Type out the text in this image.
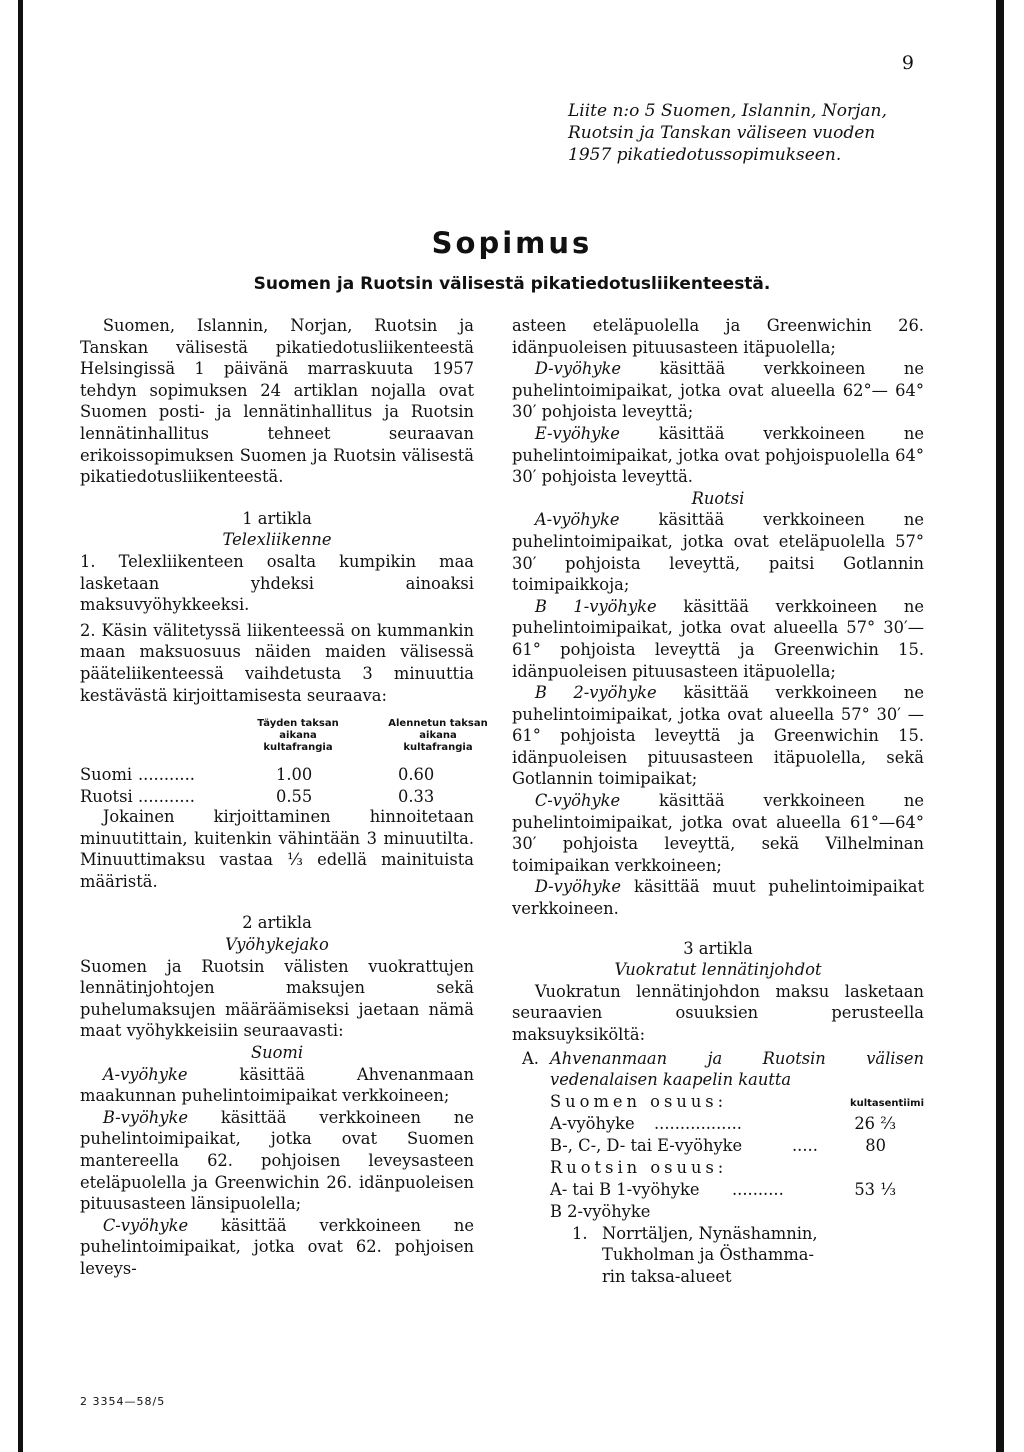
9
Liite n:o 5 Suomen, Islannin, Norjan,
Ruotsin ja Tanskan väliseen vuoden
1957 pikatiedotussopimukseen.
Sopimus
Suomen ja Ruotsin välisestä pikatiedotusliikenteestä.

Suomen, Islannin, Norjan, Ruotsin ja Tanskan välisestä pikatiedotusliikenteestä Helsingissä 1 päivänä marraskuuta 1957 tehdyn sopimuksen 24 artiklan nojalla ovat Suomen posti- ja lennätinhallitus ja Ruotsin lennätinhallitus tehneet seuraavan erikoissopimuksen Suomen ja Ruotsin välisestä pikatiedotusliikenteestä.

1 artikla

Telexliikenne

1. Telexliikenteen osalta kumpikin maa lasketaan yhdeksi ainoaksi maksuvyöhykkeeksi.

2. Käsin välitetyssä liikenteessä on kummankin maan maksuosuus näiden maiden välisessä pääteliikenteessä vaihdetusta 3 minuuttia kestävästä kirjoittamisesta seuraava:

Täyden taksan
aikana
kultafrangia
Alennetun taksan
aikana
kultafrangia
Suomi ...........	1.00	0.60
Ruotsi ...........	0.55	0.33

Jokainen kirjoittaminen hinnoitetaan minuutittain, kuitenkin vähintään 3 minuutilta. Minuuttimaksu vastaa ⅓ edellä mainituista määristä.

2 artikla

Vyöhykejako

Suomen ja Ruotsin välisten vuokrattujen lennätinjohtojen maksujen sekä puhelumaksujen määräämiseksi jaetaan nämä maat vyöhykkeisiin seuraavasti:

Suomi

A-vyöhyke käsittää Ahvenanmaan maakunnan puhelintoimipaikat verkkoineen;

B-vyöhyke käsittää verkkoineen ne puhelintoimipaikat, jotka ovat Suomen mantereella 62. pohjoisen leveysasteen eteläpuolella ja Greenwichin 26. idänpuoleisen pituusasteen länsipuolella;

C-vyöhyke käsittää verkkoineen ne puhelintoimipaikat, jotka ovat 62. pohjoisen leveys-

asteen eteläpuolella ja Greenwichin 26. idänpuoleisen pituusasteen itäpuolella;

D-vyöhyke käsittää verkkoineen ne puhelintoimipaikat, jotka ovat alueella 62°— 64° 30′ pohjoista leveyttä;

E-vyöhyke käsittää verkkoineen ne puhelintoimipaikat, jotka ovat pohjoispuolella 64° 30′ pohjoista leveyttä.

Ruotsi

A-vyöhyke käsittää verkkoineen ne puhelintoimipaikat, jotka ovat eteläpuolella 57° 30′ pohjoista leveyttä, paitsi Gotlannin toimipaikkoja;

B 1-vyöhyke käsittää verkkoineen ne puhelintoimipaikat, jotka ovat alueella 57° 30′— 61° pohjoista leveyttä ja Greenwichin 15. idänpuoleisen pituusasteen itäpuolella;

B 2-vyöhyke käsittää verkkoineen ne puhelintoimipaikat, jotka ovat alueella 57° 30′ —61° pohjoista leveyttä ja Greenwichin 15. idänpuoleisen pituusasteen itäpuolella, sekä Gotlannin toimipaikat;

C-vyöhyke käsittää verkkoineen ne puhelintoimipaikat, jotka ovat alueella 61°—64° 30′ pohjoista leveyttä, sekä Vilhelminan toimipaikan verkkoineen;

D-vyöhyke käsittää muut puhelintoimipaikat verkkoineen.

3 artikla

Vuokratut lennätinjohdot

Vuokratun lennätinjohdon maksu lasketaan seuraavien osuuksien perusteella maksuyksiköltä:

A. Ahvenanmaan ja Ruotsin välisen vedenalaisen kaapelin kautta

Suomen osuus:	kultasentiimi
A-vyöhyke .................	26 ⅔
B-, C-, D- tai E-vyöhyke	.....	80
Ruotsin osuus:
A- tai B 1-vyöhyke ..........	53 ⅓
B 2-vyöhyke
1. Norrtäljen, Nynäshamnin,
Tukholman ja Östhamma-
rin taksa-alueet
2 3354—58/5
